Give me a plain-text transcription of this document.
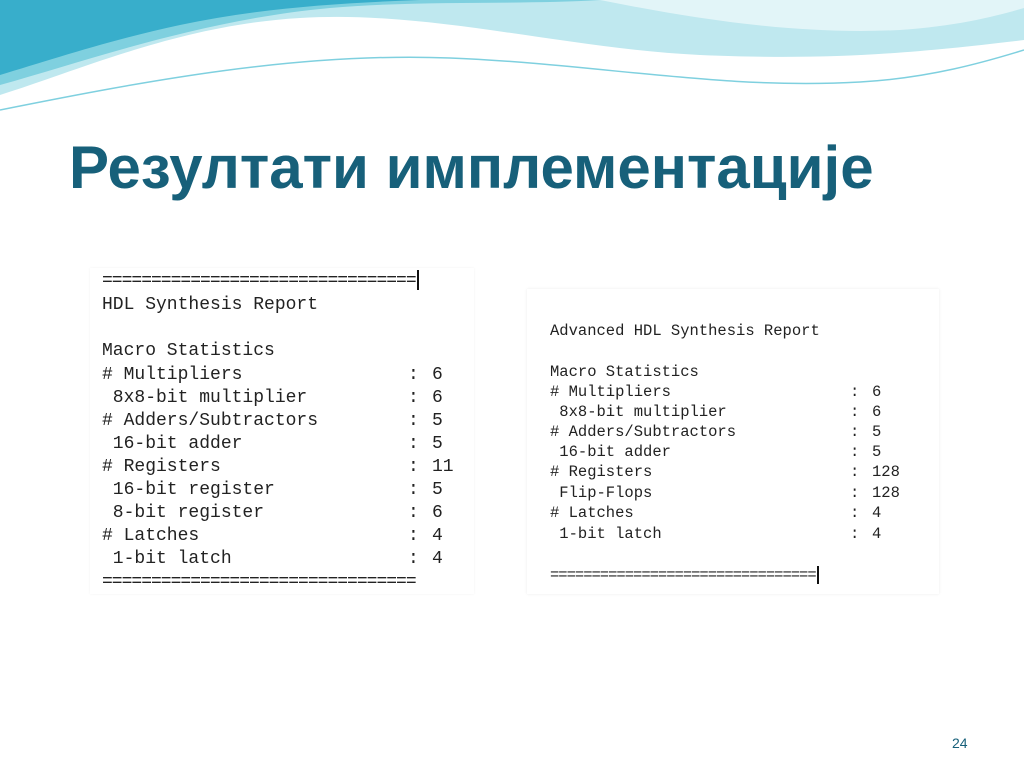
Резултати имплементације

================================

HDL Synthesis Report

Macro Statistics

# Multipliers	: 6

8x8-bit multiplier	: 6

# Adders/Subtractors	: 5

16-bit adder	: 5

# Registers	: 11

16-bit register	: 5

8-bit register	: 6

# Latches	: 4

1-bit latch	: 4

================================

Advanced HDL Synthesis Report

Macro Statistics

# Multipliers	: 6

8x8-bit multiplier	: 6

# Adders/Subtractors	: 5

16-bit adder	: 5

# Registers	: 128

Flip-Flops	: 128

# Latches	: 4

1-bit latch	: 4

================================

24
